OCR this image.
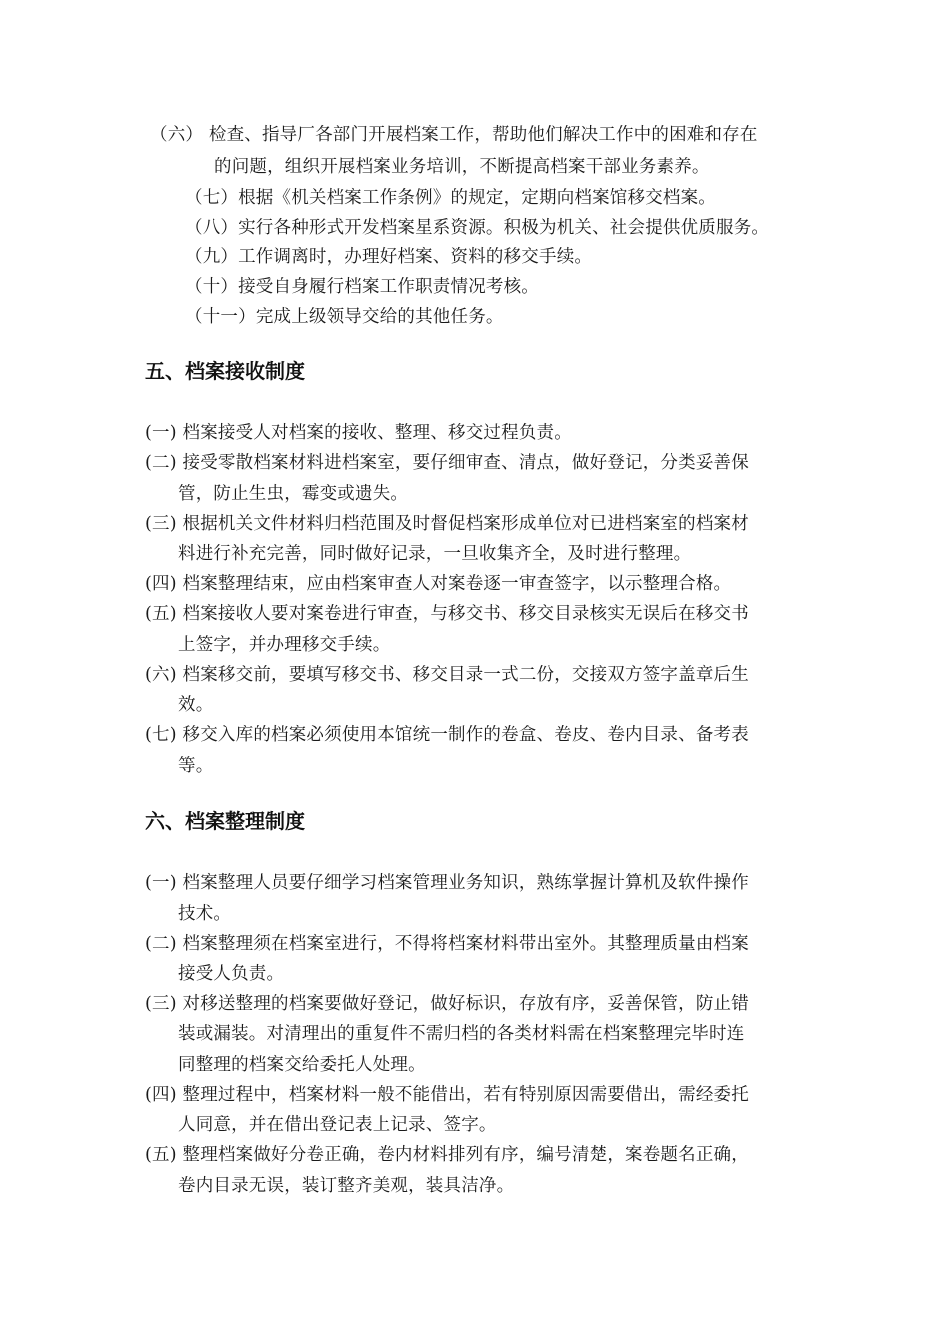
（六） 检查、指导厂各部门开展档案工作，帮助他们解决工作中的困难和存在
的问题，组织开展档案业务培训，不断提高档案干部业务素养。
（七）根据《机关档案工作条例》的规定，定期向档案馆移交档案。
（八）实行各种形式开发档案星系资源。积极为机关、社会提供优质服务。
（九）工作调离时，办理好档案、资料的移交手续。
（十）接受自身履行档案工作职责情况考核。
（十一）完成上级领导交给的其他任务。
五、档案接收制度
(一) 档案接受人对档案的接收、整理、移交过程负责。
(二) 接受零散档案材料进档案室，要仔细审查、清点，做好登记，分类妥善保
管，防止生虫，霉变或遗失。
(三) 根据机关文件材料归档范围及时督促档案形成单位对已进档案室的档案材
料进行补充完善，同时做好记录，一旦收集齐全，及时进行整理。
(四) 档案整理结束，应由档案审查人对案卷逐一审查签字，以示整理合格。
(五) 档案接收人要对案卷进行审查，与移交书、移交目录核实无误后在移交书
上签字，并办理移交手续。
(六) 档案移交前，要填写移交书、移交目录一式二份，交接双方签字盖章后生
效。
(七) 移交入库的档案必须使用本馆统一制作的卷盒、卷皮、卷内目录、备考表
等。
六、档案整理制度
(一) 档案整理人员要仔细学习档案管理业务知识，熟练掌握计算机及软件操作
技术。
(二) 档案整理须在档案室进行，不得将档案材料带出室外。其整理质量由档案
接受人负责。
(三) 对移送整理的档案要做好登记，做好标识，存放有序，妥善保管，防止错
装或漏装。对清理出的重复件不需归档的各类材料需在档案整理完毕时连
同整理的档案交给委托人处理。
(四) 整理过程中，档案材料一般不能借出，若有特别原因需要借出，需经委托
人同意，并在借出登记表上记录、签字。
(五) 整理档案做好分卷正确，卷内材料排列有序，编号清楚，案卷题名正确，
卷内目录无误，装订整齐美观，装具洁净。
